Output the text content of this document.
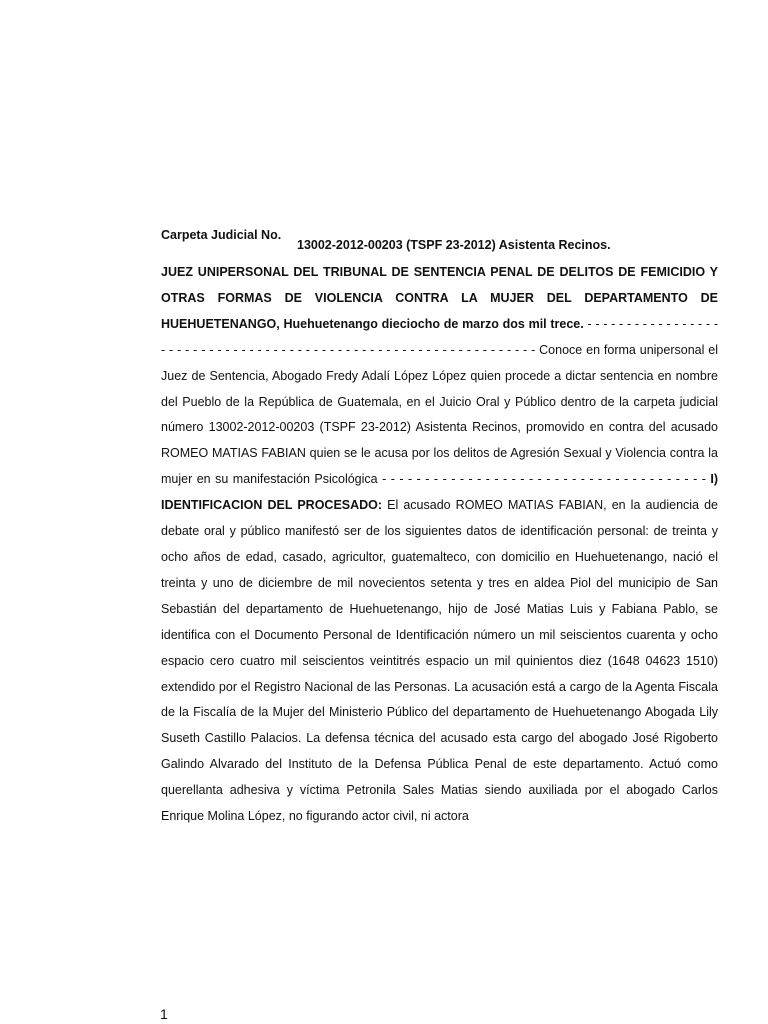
Carpeta Judicial No.
13002-2012-00203 (TSPF 23-2012) Asistenta Recinos.

JUEZ UNIPERSONAL DEL TRIBUNAL DE SENTENCIA PENAL DE DELITOS DE FEMICIDIO Y OTRAS FORMAS DE VIOLENCIA CONTRA LA MUJER DEL DEPARTAMENTO DE HUEHUETENANGO, Huehuetenango dieciocho de marzo dos mil trece. - - - - - - - - - - - - - - - - - - - - - - - - - - - - - - - - - - - - - - - - - - - - - - - - - - - - - - - - - - - - - - - - Conoce en forma unipersonal el Juez de Sentencia, Abogado Fredy Adalí López López quien procede a dictar sentencia en nombre del Pueblo de la República de Guatemala, en el Juicio Oral y Público dentro de la carpeta judicial número 13002-2012-00203 (TSPF 23-2012) Asistenta Recinos, promovido en contra del acusado ROMEO MATIAS FABIAN quien se le acusa por los delitos de Agresión Sexual y Violencia contra la mujer en su manifestación Psicológica - - - - - - - - - - - - - - - - - - - - - - - - - - - - - - - - - - - - - - I) IDENTIFICACION DEL PROCESADO: El acusado ROMEO MATIAS FABIAN, en la audiencia de debate oral y público manifestó ser de los siguientes datos de identificación personal: de treinta y ocho años de edad, casado, agricultor, guatemalteco, con domicilio en Huehuetenango, nació el treinta y uno de diciembre de mil novecientos setenta y tres en aldea Piol del municipio de San Sebastián del departamento de Huehuetenango, hijo de José Matias Luis y Fabiana Pablo, se identifica con el Documento Personal de Identificación número un mil seiscientos cuarenta y ocho espacio cero cuatro mil seiscientos veintitrés espacio un mil quinientos diez (1648 04623 1510) extendido por el Registro Nacional de las Personas. La acusación está a cargo de la Agenta Fiscala de la Fiscalía de la Mujer del Ministerio Público del departamento de Huehuetenango Abogada Lily Suseth Castillo Palacios. La defensa técnica del acusado esta cargo del abogado José Rigoberto Galindo Alvarado del Instituto de la Defensa Pública Penal de este departamento. Actuó como querellanta adhesiva y víctima Petronila Sales Matias siendo auxiliada por el abogado Carlos Enrique Molina López, no figurando actor civil, ni actora

1
